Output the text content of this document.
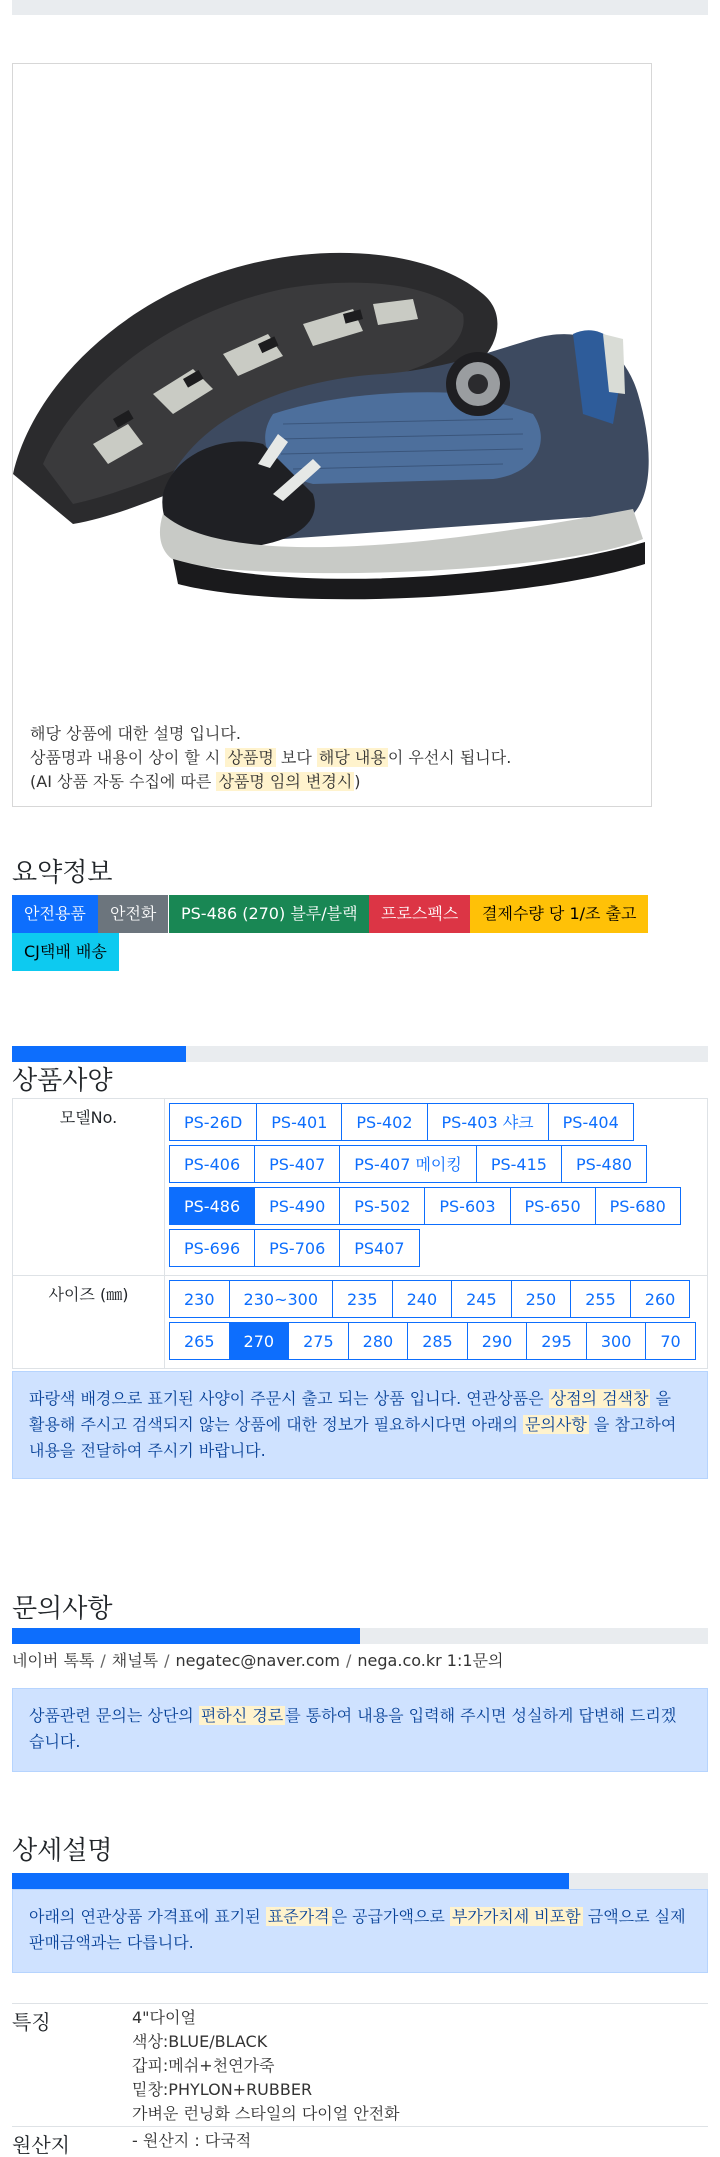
해당 상품에 대한 설명 입니다.
상품명과 내용이 상이 할 시 상품명 보다 해당 내용 이 우선시 됩니다.
(AI 상품 자동 수집에 따른 상품명 임의 변경시 )
요약정보
안전용품	안전화	PS-486 (270) 블루/블랙	프로스펙스	결제수량 당 1/조 출고
CJ택배 배송
상품사양
모델No.	PS-26D	PS-401	PS-402	PS-403 샤크	PS-404
PS-406	PS-407	PS-407 메이킹	PS-415	PS-480
PS-486	PS-490	PS-502	PS-603	PS-650	PS-680
PS-696	PS-706	PS407
사이즈 (㎜)	230	230~300	235	240	245	250	255	260
265	270	275	280	285	290	295	300	70
파랑색 배경으로 표기된 사양이 주문시 출고 되는 상품 입니다. 연관상품은 상점의 검색창 을 활용해 주시고 검색되지 않는 상품에 대한 정보가 필요하시다면 아래의 문의사항 을 참고하여 내용을 전달하여 주시기 바랍니다.
문의사항
네이버 톡톡 / 채널톡 / negatec@naver.com / nega.co.kr 1:1문의
상품관련 문의는 상단의 편하신 경로 를 통하여 내용을 입력해 주시면 성실하게 답변해 드리겠습니다.
상세설명
아래의 연관상품 가격표에 표기된 표준가격 은 공급가액으로 부가가치세 비포함 금액으로 실제 판매금액과는 다릅니다.
특징	4"다이얼
색상:BLUE/BLACK
갑피:메쉬+천연가죽
밑창:PHYLON+RUBBER
가벼운 런닝화 스타일의 다이얼 안전화
원산지	- 원산지 : 다국적
